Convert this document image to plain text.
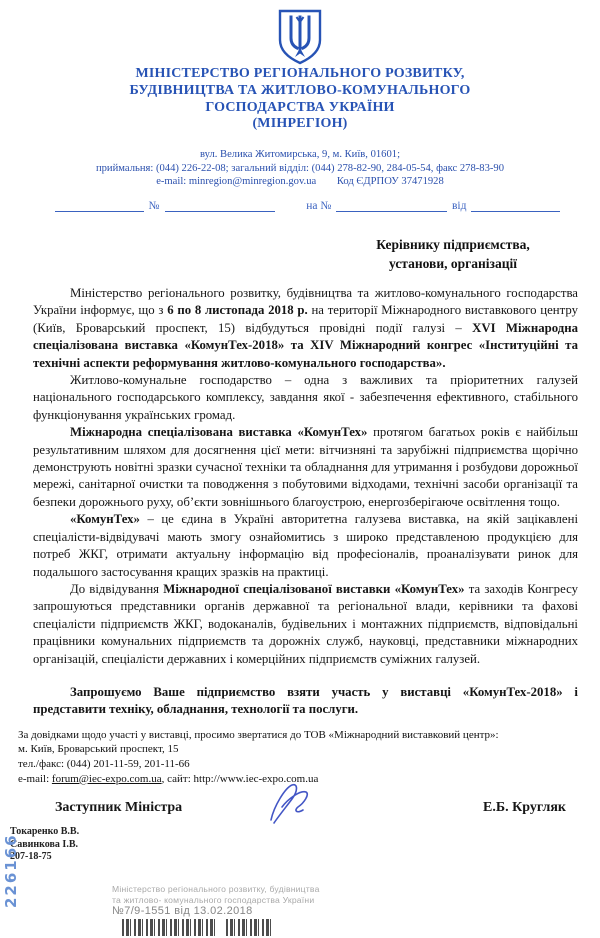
МІНІСТЕРСТВО РЕГІОНАЛЬНОГО РОЗВИТКУ,
БУДІВНИЦТВА ТА ЖИТЛОВО-КОМУНАЛЬНОГО
ГОСПОДАРСТВА УКРАЇНИ
(МІНРЕГІОН)
вул. Велика Житомирська, 9, м. Київ, 01601;
приймальня: (044) 226-22-08; загальний відділ: (044) 278-82-90, 284-05-54, факс 278-83-90
e-mail: minregion@minregion.gov.ua Код ЄДРПОУ 37471928
№	на №	від
Керівнику підприємства,
установи, організації

Міністерство регіонального розвитку, будівництва та житлово-комунального господарства України інформує, що з 6 по 8 листопада 2018 р. на території Міжнародного виставкового центру (Київ, Броварський проспект, 15) відбудуться провідні події галузі – XVI Міжнародна спеціалізована виставка «КомунТех-2018» та XIV Міжнародний конгрес «Інституційні та технічні аспекти реформування житлово-комунального господарства».

Житлово-комунальне господарство – одна з важливих та пріоритетних галузей національного господарського комплексу, завдання якої - забезпечення ефективного, стабільного функціонування українських громад.

Міжнародна спеціалізована виставка «КомунТех» протягом багатьох років є найбільш результативним шляхом для досягнення цієї мети: вітчизняні та зарубіжні підприємства щорічно демонструють новітні зразки сучасної техніки та обладнання для утримання і розбудови дорожньої мережі, санітарної очистки та поводження з побутовими відходами, технічні засоби організації та безпеки дорожнього руху, об’єкти зовнішнього благоустрою, енергозберігаюче освітлення тощо.

«КомунТех» – це єдина в Україні авторитетна галузева виставка, на якій зацікавлені спеціалісти-відвідувачі мають змогу ознайомитись з широко представленою продукцією для потреб ЖКГ, отримати актуальну інформацію від професіоналів, проаналізувати ринок для подальшого застосування кращих зразків на практиці.

До відвідування Міжнародної спеціалізованої виставки «КомунТех» та заходів Конгресу запрошуються представники органів державної та регіональної влади, керівники та фахові спеціалісти підприємств ЖКГ, водоканалів, будівельних і монтажних підприємств, відповідальні працівники комунальних підприємств та дорожніх служб, науковці, представники міжнародних організацій, спеціалісти державних і комерційних підприємств суміжних галузей.

Запрошуємо Ваше підприємство взяти участь у виставці «КомунТех-2018» і представити техніку, обладнання, технології та послуги.

За довідками щодо участі у виставці, просимо звертатися до ТОВ «Міжнародний виставковий центр»:
м. Київ, Броварський проспект, 15
тел./факс: (044) 201-11-59, 201-11-66
e-mail: forum@iec-expo.com.ua, сайт: http://www.iec-expo.com.ua
Заступник Міністра	Е.Б. Кругляк
Токаренко В.В.
Савинкова І.В.
207-18-75
Міністерство регіонального розвитку, будівництва
та житлово- комунального господарства України
№7/9-1551 від 13.02.2018
226166
